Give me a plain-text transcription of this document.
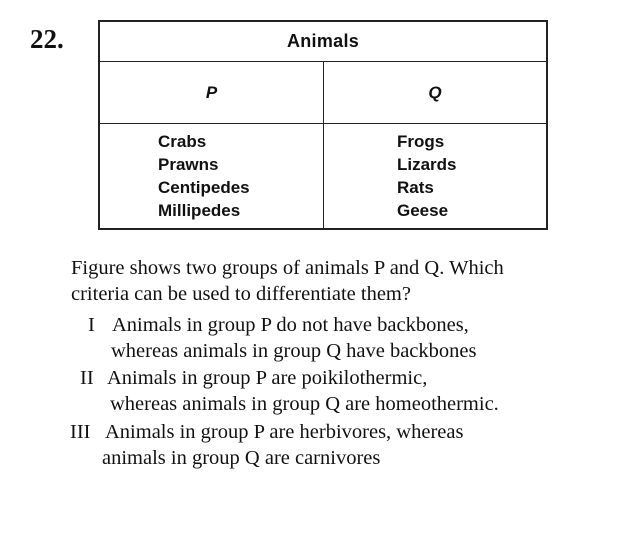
22.	Animals
P	Q
Crabs
Prawns
Centipedes
Millipedes
Frogs
Lizards
Rats
Geese
Figure shows two groups of animals P and Q. Which
criteria can be used to differentiate them?
I Animals in group P do not have backbones,
whereas animals in group Q have backbones
II Animals in group P are poikilothermic,
whereas animals in group Q are homeothermic.
III Animals in group P are herbivores, whereas
animals in group Q are carnivores
